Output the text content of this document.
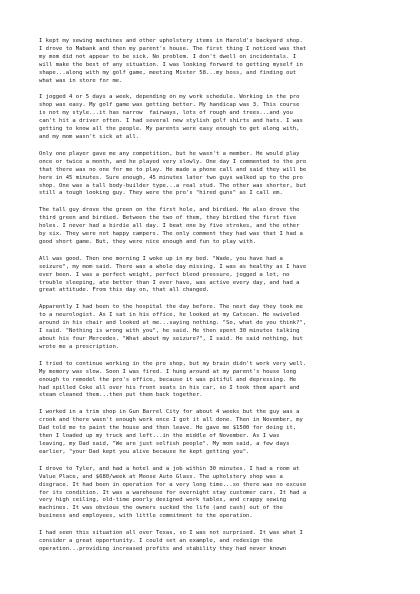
I kept my sewing machines and other upholstery items in Harold's backyard shop.
I drove to Mabank and then my parent's house. The first thing I noticed was that
my mom did not appear to be sick. No problem. I don't dwell on incidentals. I
will make the best of any situation. I was looking forward to getting myself in
shape...along with my golf game, meeting Mister 58...my boss, and finding out
what was in store for me.

I jogged 4 or 5 days a week, depending on my work schedule. Working in the pro
shop was easy. My golf game was getting better. My handicap was 3. This course
is not my style...it has narrow  fairways, lots of rough and trees...and you
can't hit a driver often. I had several new stylish golf shirts and hats. I was
getting to know all the people. My parents were easy enough to get along with,
and my mom wasn't sick at all.

Only one player gave me any competition, but he wasn't a member. He would play
once or twice a month, and he played very slowly. One day I commented to the pro
that there was no one for me to play. He made a phone call and said they will be
here in 45 minutes. Sure enough, 45 minutes later two guys walked up to the pro
shop. One was a tall body-builder type...a real stud. The other was shorter, but
still a tough looking guy. They were the pro's "hired guns" as I call em.

The tall guy drove the green on the first hole, and birdied. He also drove the
third green and birdied. Between the two of them, they birdied the first five
holes. I never had a birdie all day. I beat one by five strokes, and the other
by six. They were not happy campers. The only comment they had was that I had a
good short game. But, they were nice enough and fun to play with.

All was good. Then one morning I woke up in my bed. "Wade, you have had a
seizure", my mom said. There was a whole day missing. I was as healthy as I have
ever been. I was a perfect weight, perfect blood pressure, jogged a lot, no
trouble sleeping, ate better than I ever have, was active every day, and had a
great attitude. From this day on, that all changed.

Apparently I had been to the hospital the day before. The next day they took me
to a neurologist. As I sat in his office, he looked at my Catscan. He swiveled
around in his chair and looked at me...saying nothing. "So, what do you think?",
I said. "Nothing is wrong with you", he said. He then spent 30 minutes talking
about his four Mercedes. "What about my seizure?", I said. He said nothing, but
wrote me a prescription.

I tried to continue working in the pro shop, but my brain didn't work very well.
My memory was slow. Soon I was fired. I hung around at my parent's house long
enough to remodel the pro's office, because it was pitiful and depressing. He
had spilled Coke all over his front seats in his car, so I took them apart and
steam cleaned them...then put them back together.

I worked in a trim shop in Gun Barrel City for about 4 weeks but the guy was a
crook and there wasn't enough work once I got it all done. Then in November, my
Dad told me to paint the house and then leave. He gave me $1500 for doing it,
then I loaded up my truck and left...in the middle of November. As I was
leaving, my Dad said, "We are just selfish people". My mom said, a few days
earlier, "your Dad kept you alive because he kept getting you".

I drove to Tyler, and had a hotel and a job within 30 minutes. I had a room at
Value Place, and $680/week at Moose Auto Glass. The upholstery shop was a
disgrace. It had been in operation for a very long time...so there was no excuse
for its condition. It was a warehouse for overnight stay customer cars. It had a
very high ceiling, old-time poorly designed work tables, and crappy sewing
machines. It was obvious the owners sucked the life (and cash) out of the
business and employees, with little commitment to the operation.

I had seen this situation all over Texas, so I was not surprised. It was what I
consider a great opportunity. I could set an example, and redesign the
operation...providing increased profits and stability they had never known
